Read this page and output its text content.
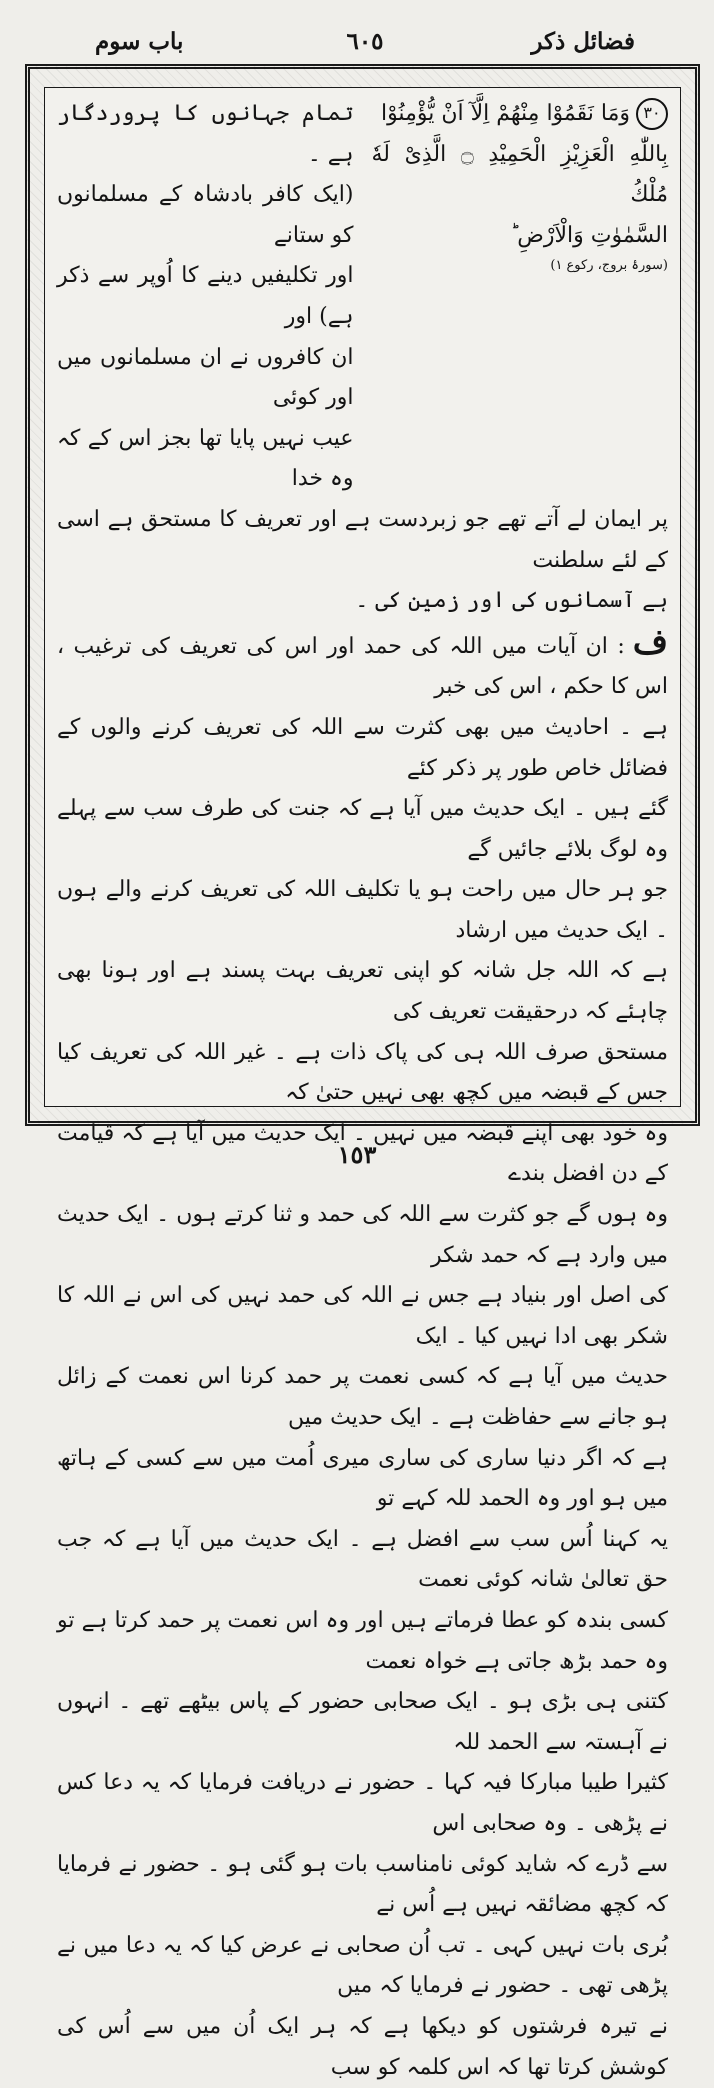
فضائل ذکر
٦٠٥
باب سوم

٣٠وَمَا نَقَمُوْا مِنْهُمْ اِلَّآ اَنْ يُّؤْمِنُوْا

بِاللّٰهِ الْعَزِيْزِ الْحَمِيْدِ ۝ الَّذِىْ لَهٗ مُلْكُ

السَّمٰوٰتِ وَالْاَرْضِ ؕ

(سورۂ بروج، رکوع ۱)

تمام جہانوں کا پروردگار ہے ۔

(ایک کافر بادشاہ کے مسلمانوں کو ستانے

اور تکلیفیں دینے کا اُوپر سے ذکر ہے) اور

ان کافروں نے ان مسلمانوں میں اور کوئی

عیب نہیں پایا تھا بجز اس کے کہ وہ خدا

پر ایمان لے آتے تھے جو زبردست ہے اور تعریف کا مستحق ہے اسی کے لئے سلطنت

ہے آسمانوں کی اور زمین کی ۔

ف: ان آیات میں اللہ کی حمد اور اس کی تعریف کی ترغیب ، اس کا حکم ، اس کی خبر

ہے ۔ احادیث میں بھی کثرت سے اللہ کی تعریف کرنے والوں کے فضائل خاص طور پر ذکر کئے

گئے ہیں ۔ ایک حدیث میں آیا ہے کہ جنت کی طرف سب سے پہلے وہ لوگ بلائے جائیں گے

جو ہر حال میں راحت ہو یا تکلیف اللہ کی تعریف کرنے والے ہوں ۔ ایک حدیث میں ارشاد

ہے کہ اللہ جل شانہ کو اپنی تعریف بہت پسند ہے اور ہونا بھی چاہئے کہ درحقیقت تعریف کی

مستحق صرف اللہ ہی کی پاک ذات ہے ۔ غیر اللہ کی تعریف کیا جس کے قبضہ میں کچھ بھی نہیں حتیٰ کہ

وہ خود بھی اپنے قبضہ میں نہیں ۔ ایک حدیث میں آیا ہے کہ قیامت کے دن افضل بندے

وہ ہوں گے جو کثرت سے اللہ کی حمد و ثنا کرتے ہوں ۔ ایک حدیث میں وارد ہے کہ حمد شکر

کی اصل اور بنیاد ہے جس نے اللہ کی حمد نہیں کی اس نے اللہ کا شکر بھی ادا نہیں کیا ۔ ایک

حدیث میں آیا ہے کہ کسی نعمت پر حمد کرنا اس نعمت کے زائل ہو جانے سے حفاظت ہے ۔ ایک حدیث میں

ہے کہ اگر دنیا ساری کی ساری میری اُمت میں سے کسی کے ہاتھ میں ہو اور وہ الحمد للہ کہے تو

یہ کہنا اُس سب سے افضل ہے ۔ ایک حدیث میں آیا ہے کہ جب حق تعالیٰ شانہ کوئی نعمت

کسی بندہ کو عطا فرماتے ہیں اور وہ اس نعمت پر حمد کرتا ہے تو وہ حمد بڑھ جاتی ہے خواہ نعمت

کتنی ہی بڑی ہو ۔ ایک صحابی حضور کے پاس بیٹھے تھے ۔ انہوں نے آہستہ سے الحمد للہ

کثیرا طیبا مبارکا فیہ کہا ۔ حضور نے دریافت فرمایا کہ یہ دعا کس نے پڑھی ۔ وہ صحابی اس

سے ڈرے کہ شاید کوئی نامناسب بات ہو گئی ہو ۔ حضور نے فرمایا کہ کچھ مضائقہ نہیں ہے اُس نے

بُری بات نہیں کہی ۔ تب اُن صحابی نے عرض کیا کہ یہ دعا میں نے پڑھی تھی ۔ حضور نے فرمایا کہ میں

نے تیرہ فرشتوں کو دیکھا ہے کہ ہر ایک اُن میں سے اُس کی کوشش کرتا تھا کہ اس کلمہ کو سب

١٥٣
